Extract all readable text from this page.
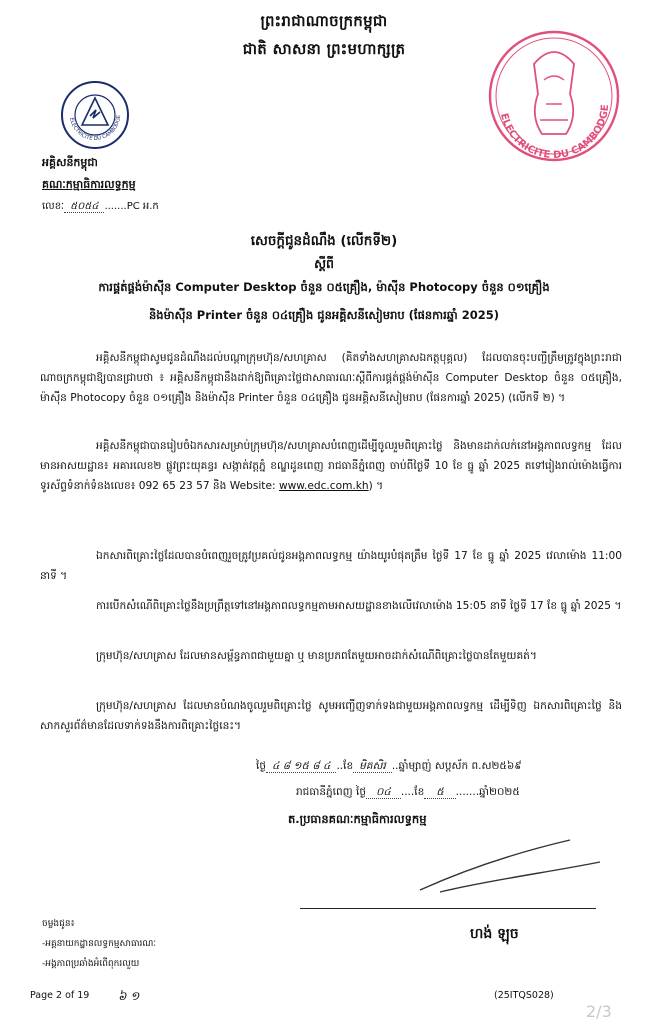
ព្រះរាជាណាចក្រកម្ពុជា
ជាតិ សាសនា ព្រះមហាក្សត្រ
ELECTRICITE DU CAMBODGE
អគ្គិសនីកម្ពុជា
គណៈកម្មាធិការលទ្ធកម្ម
លេខៈ ៥០៥៤ .......PC អ.ក
ELECTRICITE DU CAMBODGE
សេចក្តីជូនដំណឹង (លើកទី២)
ស្តីពី
ការផ្គត់ផ្គង់ម៉ាស៊ីន Computer Desktop ចំនួន ០៥គ្រឿង, ម៉ាស៊ីន Photocopy ចំនួន ០១គ្រឿង
និងម៉ាស៊ីន Printer ចំនួន ០៤គ្រឿង ជូនអគ្គិសនីសៀមរាប (ផែនការឆ្នាំ 2025)
អគ្គិសនីកម្ពុជាសូមជូនដំណឹងដល់បណ្តាក្រុមហ៊ុន/សហគ្រាស (គិតទាំងសហគ្រាសឯកត្តបុគ្គល) ដែលបានចុះបញ្ជីត្រឹមត្រូវក្នុងព្រះរាជាណាចក្រកម្ពុជាឱ្យបានជ្រាបថា ៖ អគ្គិសនីកម្ពុជានឹងដាក់ឱ្យពិគ្រោះថ្លៃជាសាធារណៈស្តីពីការផ្គត់ផ្គង់ម៉ាស៊ីន Computer Desktop ចំនួន ០៥គ្រឿង, ម៉ាស៊ីន Photocopy ចំនួន ០១គ្រឿង និងម៉ាស៊ីន Printer ចំនួន ០៤គ្រឿង ជូនអគ្គិសនីសៀមរាប (ផែនការឆ្នាំ 2025) (លើកទី ២) ។
អគ្គិសនីកម្ពុជាបានរៀបចំឯកសារសម្រាប់ក្រុមហ៊ុន/សហគ្រាសបំពេញដើម្បីចូលរួមពិគ្រោះថ្លៃ និងមានដាក់លក់នៅអង្គភាពលទ្ធកម្ម ដែលមានអាសយដ្ឋាន៖ អគារលេខ២ ផ្លូវព្រះយុគន្ធរ សង្កាត់វត្តភ្នំ ខណ្ឌដូនពេញ រាជធានីភ្នំពេញ ចាប់ពីថ្ងៃទី 10 ខែ ធ្នូ ឆ្នាំ 2025 តទៅរៀងរាល់ម៉ោងធ្វើការ ទូរស័ព្ទទំនាក់ទំនងលេខ៖ 092 65 23 57 និង Website: www.edc.com.kh) ។
ឯកសារពិគ្រោះថ្លៃដែលបានបំពេញរួចត្រូវប្រគល់ជូនអង្គភាពលទ្ធកម្ម យ៉ាងយូរបំផុតត្រឹម ថ្ងៃទី 17 ខែ ធ្នូ ឆ្នាំ 2025 វេលាម៉ោង 11:00 នាទី ។
ការបើកសំណើពិគ្រោះថ្លៃនឹងប្រព្រឹត្តទៅនៅអង្គភាពលទ្ធកម្មតាមអាសយដ្ឋានខាងលើវេលាម៉ោង 15:05 នាទី ថ្ងៃទី 17 ខែ ធ្នូ ឆ្នាំ 2025 ។
ក្រុមហ៊ុន/សហគ្រាស ដែលមានសម្ព័ន្ធភាពជាមួយគ្នា ឬ មានប្រភពតែមួយអាចដាក់សំណើពិគ្រោះថ្លៃបានតែមួយគត់។
ក្រុមហ៊ុន/សហគ្រាស ដែលមានបំណងចូលរួមពិគ្រោះថ្លៃ សូមអញ្ជើញទាក់ទងជាមួយអង្គភាពលទ្ធកម្ម ដើម្បីទិញ ឯកសារពិគ្រោះថ្លៃ និងសាកសួរព័ត៌មានដែលទាក់ទងនឹងការពិគ្រោះថ្លៃនេះ។
ថ្ងៃ ៤ ៨ ១៥ ៨ ៤ ..ខែ មិគសិរ ..ឆ្នាំម្សាញ់ សប្តស័ក ព.ស២៥៦៩
រាជធានីភ្នំពេញ ថ្ងៃ ០៤ ....ខែ ៥ .......ឆ្នាំ២០២៥
ត.ប្រធានគណៈកម្មាធិការលទ្ធកម្ម
ហង់ ឡុច
ចម្លងជូន៖
-អគ្គនាយកដ្ឋានលទ្ធកម្មសាធារណៈ
-អង្គភាពប្រឆាំងអំពើពុករលួយ
Page 2 of 19 ៦ ១	(25ITQS028)
2/3
